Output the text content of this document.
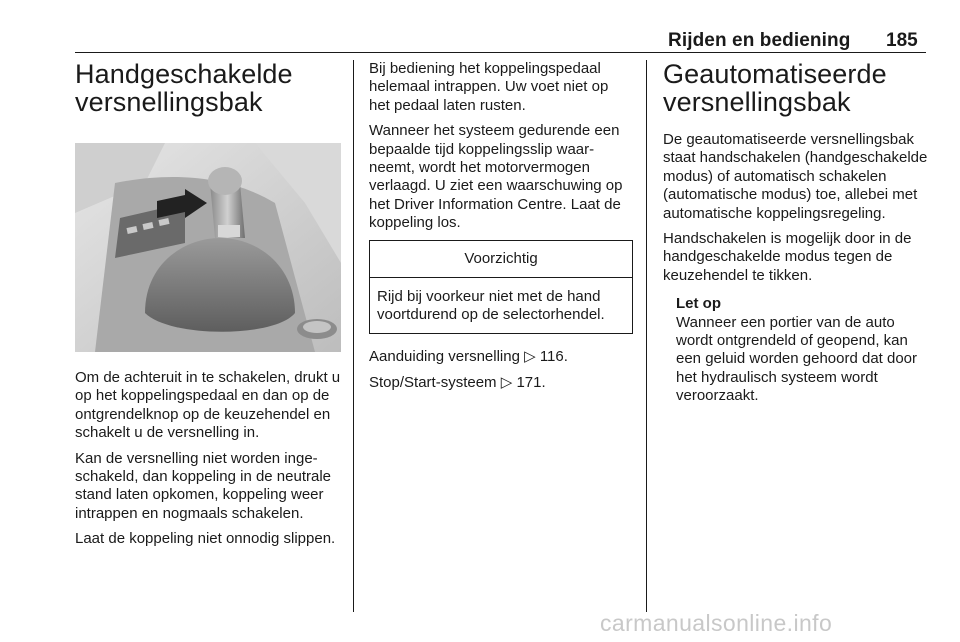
Rijden en bediening 185
Handgeschakelde
versnellingsbak

Om de achteruit in te schakelen, drukt u op het koppelingspedaal en dan op de ontgrendelknop op de keuzehendel en schakelt u de versnelling in.

Kan de versnelling niet worden ingeschakeld, dan koppeling in de neutrale stand laten opkomen, koppeling weer intrappen en nogmaals schakelen.

Laat de koppeling niet onnodig slippen.

Bij bediening het koppelingspedaal helemaal intrappen. Uw voet niet op het pedaal laten rusten.

Wanneer het systeem gedurende een bepaalde tijd koppelingsslip waarneemt, wordt het motorvermogen verlaagd. U ziet een waarschuwing op het Driver Information Centre. Laat de koppeling los.

Voorzichtig
Rijd bij voorkeur niet met de hand voortdurend op de selectorhendel.

Aanduiding versnelling ▷ 116.

Stop/Start-systeem ▷ 171.

Geautomatiseerde
versnellingsbak

De geautomatiseerde versnellingsbak staat handschakelen (handgeschakelde modus) of automatisch schakelen (automatische modus) toe, allebei met automatische koppelingsregeling.

Handschakelen is mogelijk door in de handgeschakelde modus tegen de keuzehendel te tikken.

Let op

Wanneer een portier van de auto wordt ontgrendeld of geopend, kan een geluid worden gehoord dat door het hydraulisch systeem wordt veroorzaakt.

carmanualsonline.info
